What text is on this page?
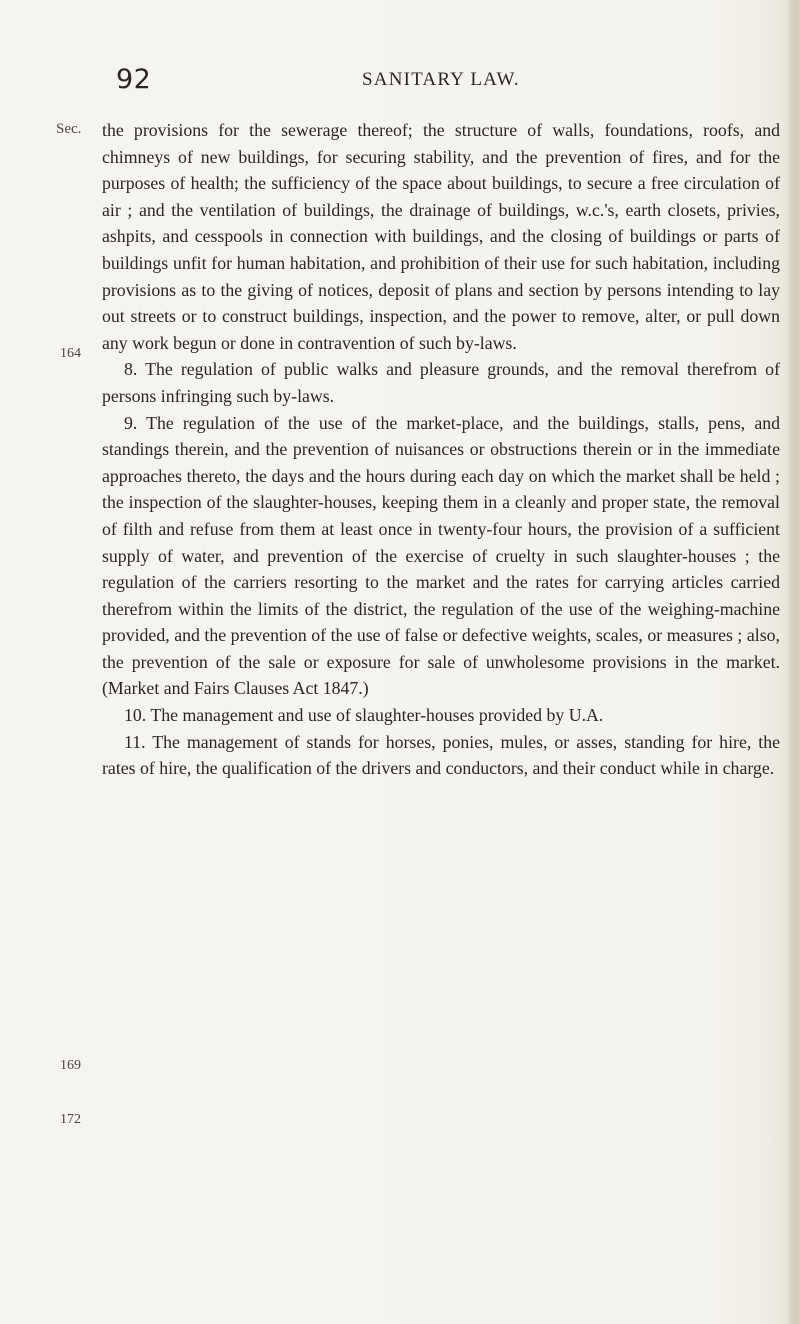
92	SANITARY LAW.
Sec.
164
169
172

the provisions for the sewerage thereof; the structure of walls, foundations, roofs, and chimneys of new buildings, for securing stability, and the prevention of fires, and for the purposes of health; the sufficiency of the space about buildings, to secure a free circulation of air ; and the ventilation of buildings, the drainage of buildings, w.c.'s, earth closets, privies, ashpits, and cesspools in connection with buildings, and the closing of buildings or parts of buildings unfit for human habitation, and prohibition of their use for such habitation, including provisions as to the giving of notices, deposit of plans and section by persons intending to lay out streets or to construct buildings, inspection, and the power to remove, alter, or pull down any work begun or done in contravention of such by-laws.

8. The regulation of public walks and pleasure grounds, and the removal therefrom of persons infringing such by-laws.

9. The regulation of the use of the market-place, and the buildings, stalls, pens, and standings therein, and the prevention of nuisances or obstructions therein or in the immediate approaches thereto, the days and the hours during each day on which the market shall be held ; the inspection of the slaughter-houses, keeping them in a cleanly and proper state, the removal of filth and refuse from them at least once in twenty-four hours, the provision of a sufficient supply of water, and prevention of the exercise of cruelty in such slaughter-houses ; the regulation of the carriers resorting to the market and the rates for carrying articles carried therefrom within the limits of the district, the regulation of the use of the weighing-machine provided, and the prevention of the use of false or defective weights, scales, or measures ; also, the prevention of the sale or exposure for sale of unwholesome provisions in the market. (Market and Fairs Clauses Act 1847.)

10. The management and use of slaughter-houses provided by U.A.

11. The management of stands for horses, ponies, mules, or asses, standing for hire, the rates of hire, the qualification of the drivers and conductors, and their conduct while in charge.
